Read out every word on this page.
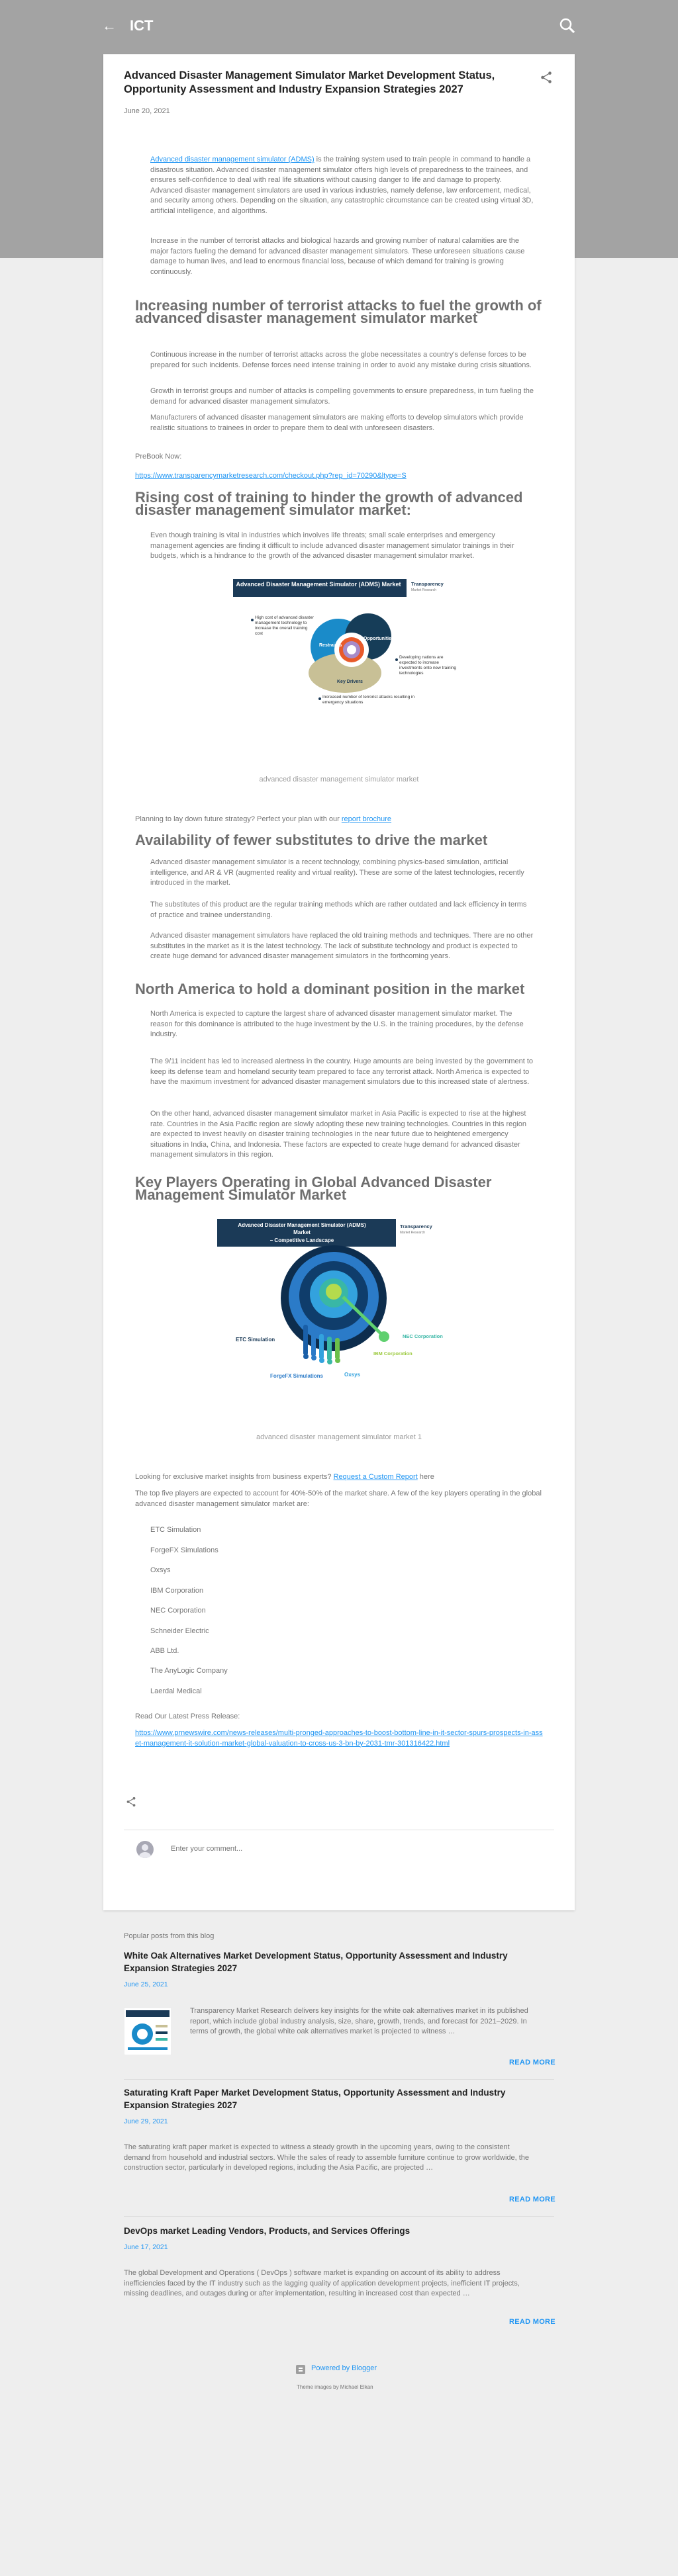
← ICT
Advanced Disaster Management Simulator Market Development Status, Opportunity Assessment and Industry Expansion Strategies 2027
June 20, 2021
Advanced disaster management simulator (ADMS) is the training system used to train people in command to handle a disastrous situation. Advanced disaster management simulator offers high levels of preparedness to the trainees, and ensures self-confidence to deal with real life situations without causing danger to life and damage to property. Advanced disaster management simulators are used in various industries, namely defense, law enforcement, medical, and security among others. Depending on the situation, any catastrophic circumstance can be created using virtual 3D, artificial intelligence, and algorithms.
Increase in the number of terrorist attacks and biological hazards and growing number of natural calamities are the major factors fueling the demand for advanced disaster management simulators. These unforeseen situations cause damage to human lives, and lead to enormous financial loss, because of which demand for training is growing continuously.
Increasing number of terrorist attacks to fuel the growth of advanced disaster management simulator market
Continuous increase in the number of terrorist attacks across the globe necessitates a country's defense forces to be prepared for such incidents. Defense forces need intense training in order to avoid any mistake during crisis situations.
Growth in terrorist groups and number of attacks is compelling governments to ensure preparedness, in turn fueling the demand for advanced disaster management simulators.
Manufacturers of advanced disaster management simulators are making efforts to develop simulators which provide realistic situations to trainees in order to prepare them to deal with unforeseen disasters.
PreBook Now:
https://www.transparencymarketresearch.com/checkout.php?rep_id=70290&ltype=S
Rising cost of training to hinder the growth of advanced disaster management simulator market:
Even though training is vital in industries which involves life threats; small scale enterprises and emergency management agencies are finding it difficult to include advanced disaster management simulator trainings in their budgets, which is a hindrance to the growth of the advanced disaster management simulator market.
Advanced Disaster Management Simulator (ADMS) Market Transparency
Market Research
Restraints
Opportunities
Key Drivers
High cost of advanced disaster management technology to increase the overall training cost
Developing nations are expected to increase investments onto new training technologies
Increased number of terrorist attacks resulting in emergency situations
advanced disaster management simulator market
Planning to lay down future strategy? Perfect your plan with our report brochure
Availability of fewer substitutes to drive the market
Advanced disaster management simulator is a recent technology, combining physics-based simulation, artificial intelligence, and AR & VR (augmented reality and virtual reality). These are some of the latest technologies, recently introduced in the market.
The substitutes of this product are the regular training methods which are rather outdated and lack efficiency in terms of practice and trainee understanding.
Advanced disaster management simulators have replaced the old training methods and techniques. There are no other substitutes in the market as it is the latest technology. The lack of substitute technology and product is expected to create huge demand for advanced disaster management simulators in the forthcoming years.
North America to hold a dominant position in the market
North America is expected to capture the largest share of advanced disaster management simulator market. The reason for this dominance is attributed to the huge investment by the U.S. in the training procedures, by the defense industry.
The 9/11 incident has led to increased alertness in the country. Huge amounts are being invested by the government to keep its defense team and homeland security team prepared to face any terrorist attack. North America is expected to have the maximum investment for advanced disaster management simulators due to this increased state of alertness.
On the other hand, advanced disaster management simulator market in Asia Pacific is expected to rise at the highest rate. Countries in the Asia Pacific region are slowly adopting these new training technologies. Countries in this region are expected to invest heavily on disaster training technologies in the near future due to heightened emergency situations in India, China, and Indonesia. These factors are expected to create huge demand for advanced disaster management simulators in this region.
Key Players Operating in Global Advanced Disaster Management Simulator Market
Advanced Disaster Management Simulator (ADMS)
Market
– Competitive Landscape
Transparency
Market Research
ETC Simulation
ForgeFX Simulations	Oxsys
IBM Corporation
NEC Corporation
advanced disaster management simulator market 1
Looking for exclusive market insights from business experts? Request a Custom Report here
The top five players are expected to account for 40%-50% of the market share. A few of the key players operating in the global advanced disaster management simulator market are:
ETC Simulation
ForgeFX Simulations
Oxsys
IBM Corporation
NEC Corporation
Schneider Electric
ABB Ltd.
The AnyLogic Company
Laerdal Medical
Read Our Latest Press Release:
https://www.prnewswire.com/news-releases/multi-pronged-approaches-to-boost-bottom-line-in-it-sector-spurs-prospects-in-asset-management-it-solution-market-global-valuation-to-cross-us-3-bn-by-2031-tmr-301316422.html
Enter your comment...
Popular posts from this blog
White Oak Alternatives Market Development Status, Opportunity Assessment and Industry Expansion Strategies 2027
June 25, 2021
Transparency Market Research delivers key insights for the white oak alternatives market in its published report, which include global industry analysis, size, share, growth, trends, and forecast for 2021–2029. In terms of growth, the global white oak alternatives market is projected to witness …
READ MORE
Saturating Kraft Paper Market Development Status, Opportunity Assessment and Industry Expansion Strategies 2027
June 29, 2021
The saturating kraft paper market is expected to witness a steady growth in the upcoming years, owing to the consistent demand from household and industrial sectors. While the sales of ready to assemble furniture continue to grow worldwide, the construction sector, particularly in developed regions, including the Asia Pacific, are projected …
READ MORE
DevOps market Leading Vendors, Products, and Services Offerings
June 17, 2021
The global Development and Operations ( DevOps ) software market is expanding on account of its ability to address inefficiencies faced by the IT industry such as the lagging quality of application development projects, inefficient IT projects, missing deadlines, and outages during or after implementation, resulting in increased cost than expected …
READ MORE
Powered by Blogger
Theme images by Michael Elkan
